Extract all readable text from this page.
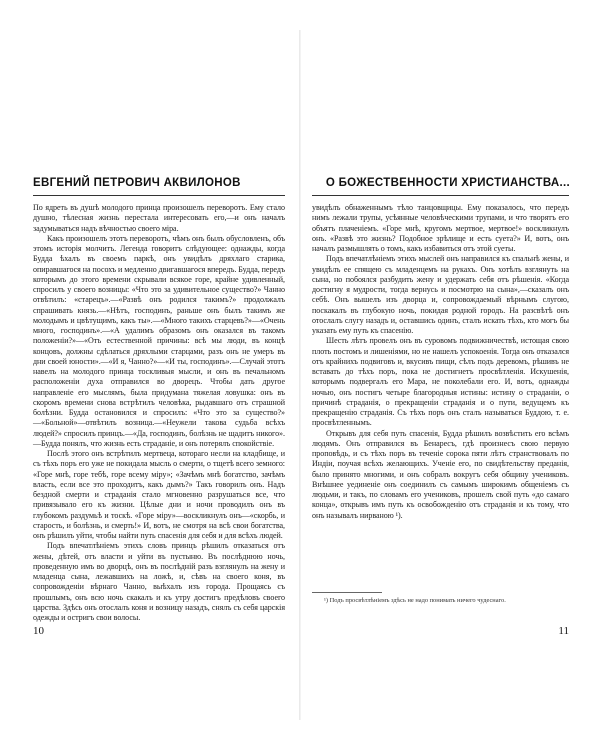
ЕВГЕНИЙ ПЕТРОВИЧ АКВИЛОНОВ

По ядреть въ душѣ молодого принца произошелъ переворотъ. Ему стало душно, тѣлесная жизнь перестала интересовать его,—и онъ началъ задумываться надъ вѣчностью своего міра.

Какъ произошелъ этотъ переворотъ, чѣмъ онъ былъ обусловленъ, объ этомъ исторія молчитъ. Легенда говоритъ слѣдующее: однажды, когда Будда ѣхалъ въ своемъ паркѣ, онъ увидѣлъ дряхлаго старика, опиравшагося на посохъ и медленно двигавшагося впередъ. Будда, передъ которымъ до этого времени скрывали всякое горе, крайне удивленный, спросилъ у своего возницы: «Что это за удивительное существо?» Чанно отвѣтилъ: «старецъ».—«Развѣ онъ родился такимъ?» продолжалъ спрашивать князь.—«Нѣтъ, господинъ, раньше онъ былъ такимъ же молодымъ и цвѣтущимъ, какъ ты».—«Много такихъ старцевъ?»—«Очень много, господинъ».—«А удалимъ образомъ онъ оказался въ такомъ положеніи?»—«Отъ естественной причины: всѣ мы люди, въ концѣ концовъ, должны сдѣлаться дряхлыми старцами, разъ онъ не умеръ въ дни своей юности».—«И я, Чанно?»—«И ты, господинъ».—Случай этотъ навелъ на молодого принца тоскливыя мысли, и онъ въ печальномъ расположеніи духа отправился во дворецъ. Чтобы дать другое направленіе его мыслямъ, была придумана тяжелая ловушка: онъ въ скоромъ времени снова встрѣтилъ человѣка, рыдавшаго отъ страшной болѣзни. Будда остановился и спросилъ: «Что это за существо?» —«Больной»—отвѣтилъ возница.—«Неужели такова судьба всѣхъ людей?» спросилъ принцъ.—«Да, господинъ, болѣзнь не щадитъ никого».—Будда понялъ, что жизнь есть страданіе, и онъ потерялъ спокойствіе.

Послѣ этого онъ встрѣтилъ мертвеца, котораго несли на кладбище, и съ тѣхъ поръ его уже не покидала мысль о смерти, о тщетѣ всего земного: «Горе мнѣ, горе тебѣ, горе всему міру»; «Зачѣмъ мнѣ богатство, зачѣмъ власть, если все это проходитъ, какъ дымъ?» Такъ говорилъ онъ. Надъ бездной смерти и страданія стало мгновенно разрушаться все, что привязывало его къ жизни. Цѣлые дни и ночи проводилъ онъ въ глубокомъ раздумьѣ и тоскѣ. «Горе міру»—воскликнулъ онъ—«скорбь, и старость, и болѣзнь, и смерть!» И, вотъ, не смотря на всѣ свои богатства, онъ рѣшилъ уйти, чтобы найти путь спасенія для себя и для всѣхъ людей.

Подъ впечатлѣніемъ этихъ словъ принцъ рѣшилъ отказаться отъ жены, дѣтей, отъ власти и уйти въ пустыню. Въ послѣднюю ночь, проведенную имъ во дворцѣ, онъ въ послѣдній разъ взглянулъ на жену и младенца сына, лежавшихъ на ложѣ, и, сѣвъ на своего коня, въ сопровожденіи вѣрнаго Чанно, выѣхалъ изъ города. Прощаясь съ прошлымъ, онъ всю ночь скакалъ и къ утру достигъ предѣловъ своего царства. Здѣсь онъ отослалъ коня и возницу назадъ, снялъ съ себя царскія одежды и остригъ свои волосы.

10
О БОЖЕСТВЕННОСТИ ХРИСТИАНСТВА...

увидѣлъ обнаженнымъ тѣло танцовщицы. Ему показалось, что передъ нимъ лежали трупы, усѣянные человѣческими трупами, и что творятъ его объятъ плаченіемъ. «Горе мнѣ, кругомъ мертвое, мертвое!» воскликнулъ онъ. «Развѣ это жизнь? Подобное зрѣлище и есть суета?» И, вотъ, онъ началъ размышлять о томъ, какъ избавиться отъ этой суеты.

Подъ впечатлѣніемъ этихъ мыслей онъ направился къ спальнѣ жены, и увидѣлъ ее спящею съ младенцемъ на рукахъ. Онъ хотѣлъ взглянуть на сына, но побоялся разбудить жену и удержать себя отъ рѣшенія. «Когда достигну я мудрости, тогда вернусь и посмотрю на сына»,—сказалъ онъ себѣ. Онъ вышелъ изъ дворца и, сопровождаемый вѣрнымъ слугою, поскакалъ въ глубокую ночь, покидая родной городъ. На разсвѣтѣ онъ отослалъ слугу назадъ и, оставшись одинъ, сталъ искать тѣхъ, кто могъ бы указать ему путь къ спасенію.

Шесть лѣтъ провелъ онъ въ суровомъ подвижничествѣ, истощая свою плоть постомъ и лишеніями, но не нашелъ успокоенія. Тогда онъ отказался отъ крайнихъ подвиговъ и, вкусивъ пищи, сѣлъ подъ деревомъ, рѣшивъ не вставать до тѣхъ поръ, пока не достигнетъ просвѣтленія. Искушенія, которымъ подвергалъ его Мара, не поколебали его. И, вотъ, однажды ночью, онъ постигъ четыре благородныя истины: истину о страданіи, о причинѣ страданія, о прекращеніи страданія и о пути, ведущемъ къ прекращенію страданія. Съ тѣхъ поръ онъ сталъ называться Буддою, т. е. просвѣтленнымъ.

Открывъ для себя путь спасенія, Будда рѣшилъ возвѣстить его всѣмъ людямъ. Онъ отправился въ Бенаресъ, гдѣ произнесъ свою первую проповѣдь, и съ тѣхъ поръ въ теченіе сорока пяти лѣтъ странствовалъ по Индіи, поучая всѣхъ желающихъ. Ученіе его, по свидѣтельству преданія, было принято многими, и онъ собралъ вокругъ себя общину учениковъ. Внѣшнее уединеніе онъ соединилъ съ самымъ широкимъ общеніемъ съ людьми, и такъ, по словамъ его учениковъ, прошелъ свой путь «до самаго конца», открывъ имъ путь къ освобожденію отъ страданія и къ тому, что онъ называлъ нирваною ¹).

¹) Подъ просвѣтлѣніемъ здѣсь не надо понимать ничего чудеснаго.
11
